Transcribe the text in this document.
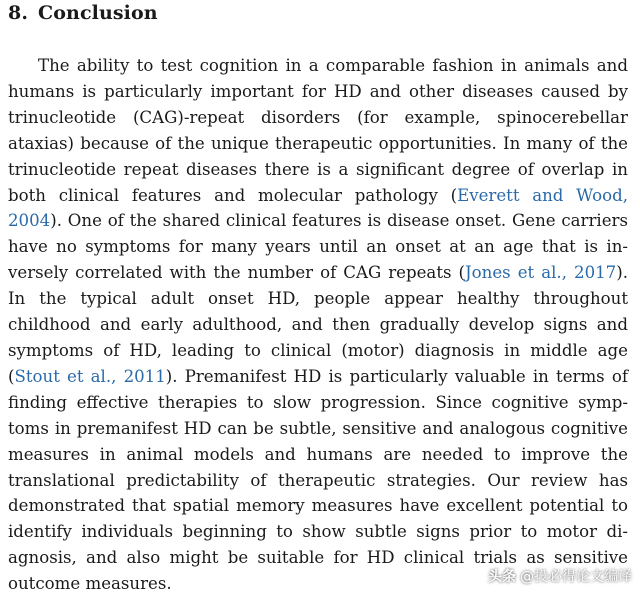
8. Conclusion
The ability to test cognition in a comparable fashion in animals and
humans is particularly important for HD and other diseases caused by
trinucleotide (CAG)-repeat disorders (for example, spinocerebellar
ataxias) because of the unique therapeutic opportunities. In many of the
trinucleotide repeat diseases there is a significant degree of overlap in
both clinical features and molecular pathology (Everett and Wood,
2004). One of the shared clinical features is disease onset. Gene carriers
have no symptoms for many years until an onset at an age that is in-
versely correlated with the number of CAG repeats (Jones et al., 2017).
In the typical adult onset HD, people appear healthy throughout
childhood and early adulthood, and then gradually develop signs and
symptoms of HD, leading to clinical (motor) diagnosis in middle age
(Stout et al., 2011). Premanifest HD is particularly valuable in terms of
finding effective therapies to slow progression. Since cognitive symp-
toms in premanifest HD can be subtle, sensitive and analogous cognitive
measures in animal models and humans are needed to improve the
translational predictability of therapeutic strategies. Our review has
demonstrated that spatial memory measures have excellent potential to
identify individuals beginning to show subtle signs prior to motor di-
agnosis, and also might be suitable for HD clinical trials as sensitive
outcome measures.	头条 @投必得论文编译
